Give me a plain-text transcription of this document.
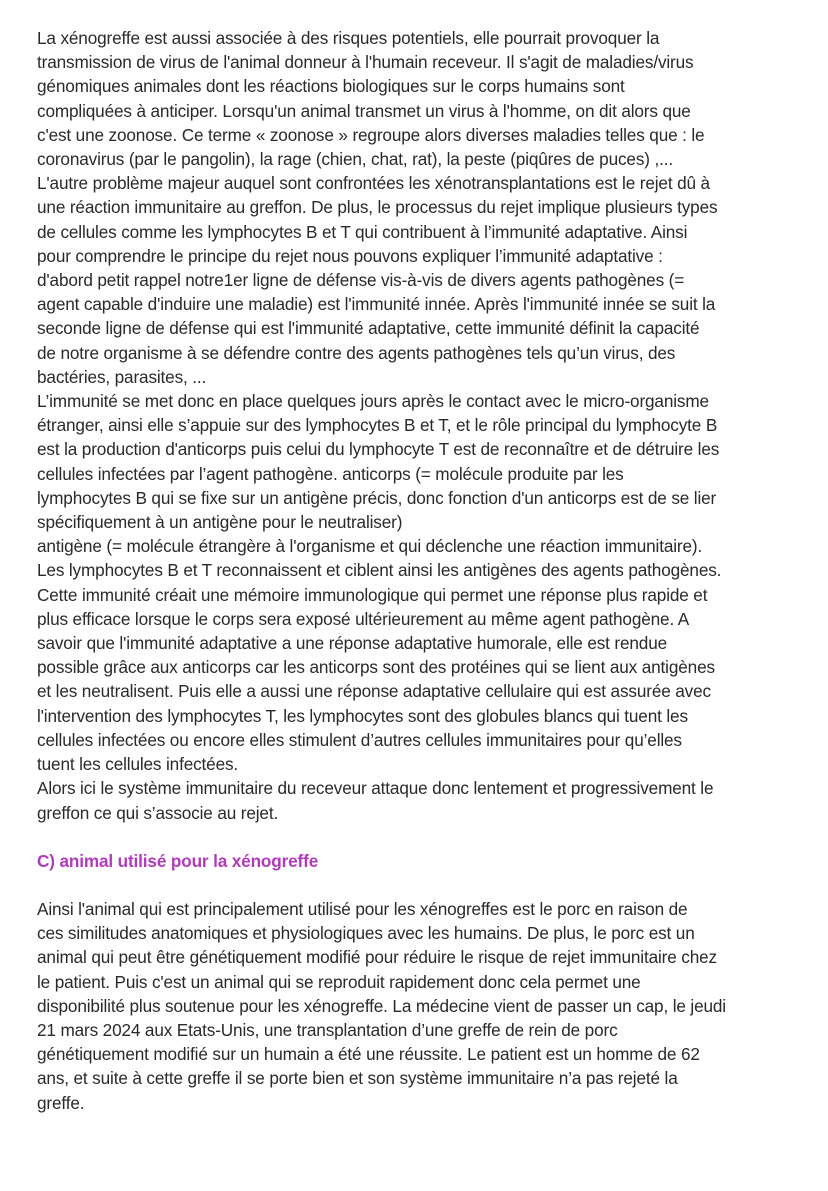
La xénogreffe est aussi associée à des risques potentiels, elle pourrait provoquer la
transmission de virus de l'animal donneur à l'humain receveur. Il s'agit de maladies/virus
génomiques animales dont les réactions biologiques sur le corps humains sont
compliquées à anticiper. Lorsqu'un animal transmet un virus à l'homme, on dit alors que
c'est une zoonose. Ce terme « zoonose » regroupe alors diverses maladies telles que : le
coronavirus (par le pangolin), la rage (chien, chat, rat), la peste (piqûres de puces) ,...
L'autre problème majeur auquel sont confrontées les xénotransplantations est le rejet dû à
une réaction immunitaire au greffon. De plus, le processus du rejet implique plusieurs types
de cellules comme les lymphocytes B et T qui contribuent à l’immunité adaptative. Ainsi
pour comprendre le principe du rejet nous pouvons expliquer l’immunité adaptative :
d'abord petit rappel notre1er ligne de défense vis-à-vis de divers agents pathogènes (=
agent capable d'induire une maladie) est l'immunité innée. Après l'immunité innée se suit la
seconde ligne de défense qui est l'immunité adaptative, cette immunité définit la capacité
de notre organisme à se défendre contre des agents pathogènes tels qu’un virus, des
bactéries, parasites, ...
L’immunité se met donc en place quelques jours après le contact avec le micro-organisme
étranger, ainsi elle s’appuie sur des lymphocytes B et T, et le rôle principal du lymphocyte B
est la production d'anticorps puis celui du lymphocyte T est de reconnaître et de détruire les
cellules infectées par l’agent pathogène. anticorps (= molécule produite par les
lymphocytes B qui se fixe sur un antigène précis, donc fonction d'un anticorps est de se lier
spécifiquement à un antigène pour le neutraliser)
antigène (= molécule étrangère à l'organisme et qui déclenche une réaction immunitaire).
Les lymphocytes B et T reconnaissent et ciblent ainsi les antigènes des agents pathogènes.
Cette immunité créait une mémoire immunologique qui permet une réponse plus rapide et
plus efficace lorsque le corps sera exposé ultérieurement au même agent pathogène. A
savoir que l'immunité adaptative a une réponse adaptative humorale, elle est rendue
possible grâce aux anticorps car les anticorps sont des protéines qui se lient aux antigènes
et les neutralisent. Puis elle a aussi une réponse adaptative cellulaire qui est assurée avec
l'intervention des lymphocytes T, les lymphocytes sont des globules blancs qui tuent les
cellules infectées ou encore elles stimulent d’autres cellules immunitaires pour qu’elles
tuent les cellules infectées.
Alors ici le système immunitaire du receveur attaque donc lentement et progressivement le
greffon ce qui s’associe au rejet.

C) animal utilisé pour la xénogreffe

Ainsi l'animal qui est principalement utilisé pour les xénogreffes est le porc en raison de
ces similitudes anatomiques et physiologiques avec les humains. De plus, le porc est un
animal qui peut être génétiquement modifié pour réduire le risque de rejet immunitaire chez
le patient. Puis c'est un animal qui se reproduit rapidement donc cela permet une
disponibilité plus soutenue pour les xénogreffe. La médecine vient de passer un cap, le jeudi
21 mars 2024 aux Etats-Unis, une transplantation d’une greffe de rein de porc
génétiquement modifié sur un humain a été une réussite. Le patient est un homme de 62
ans, et suite à cette greffe il se porte bien et son système immunitaire n’a pas rejeté la
greffe.
